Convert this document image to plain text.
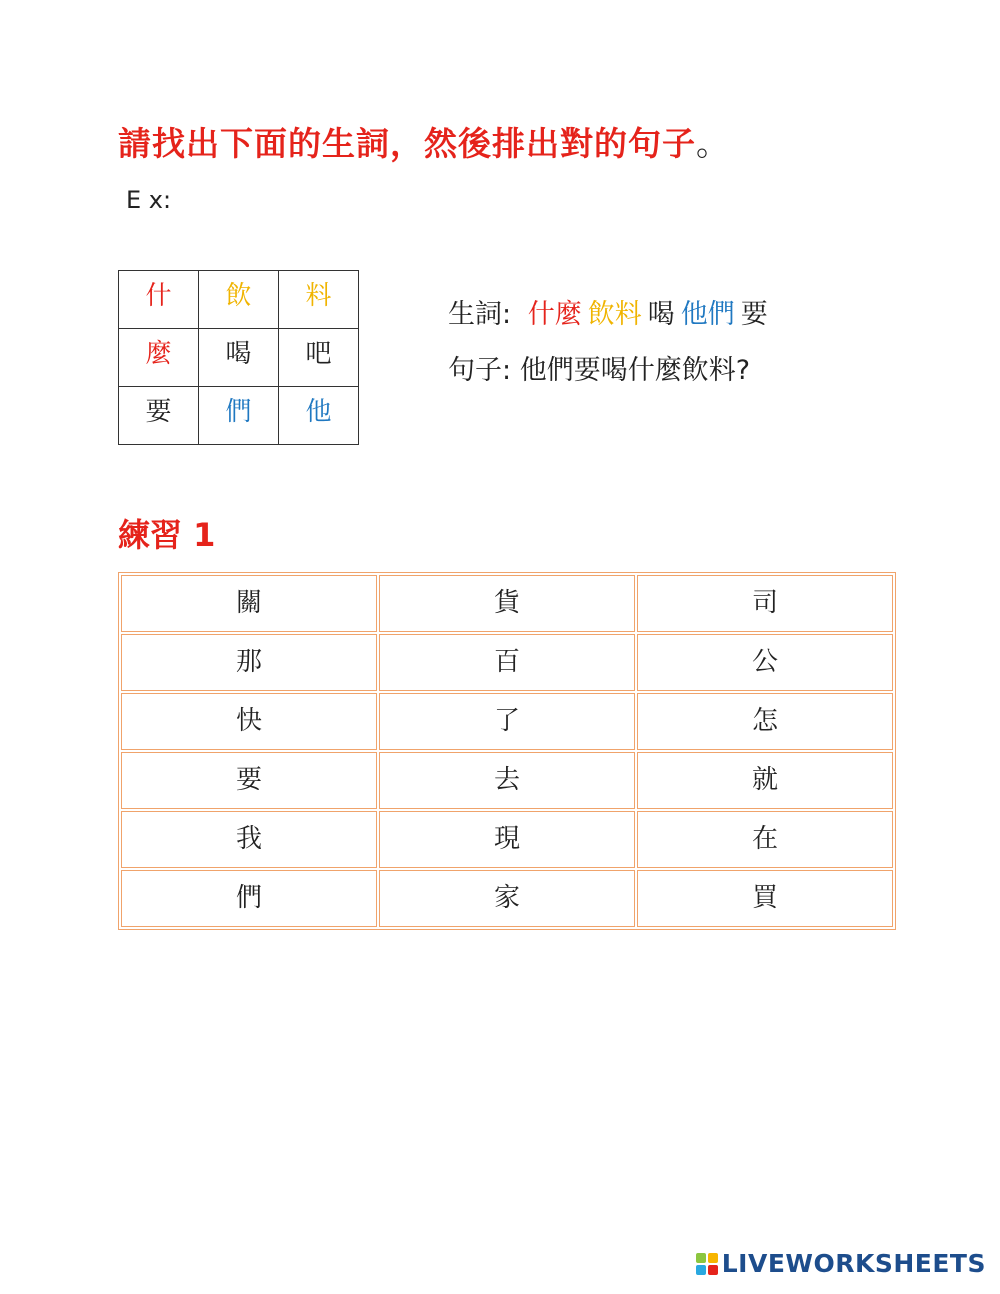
請找出下面的生詞，然後排出對的句子。
E x:
什	飲	料
麼	喝	吧
要	們	他
生詞: 什麼 飲料 喝 他們 要
句子: 他們要喝什麼飲料?
練習 1
關	貨	司
那	百	公
快	了	怎
要	去	就
我	現	在
們	家	買
LIVEWORKSHEETS
